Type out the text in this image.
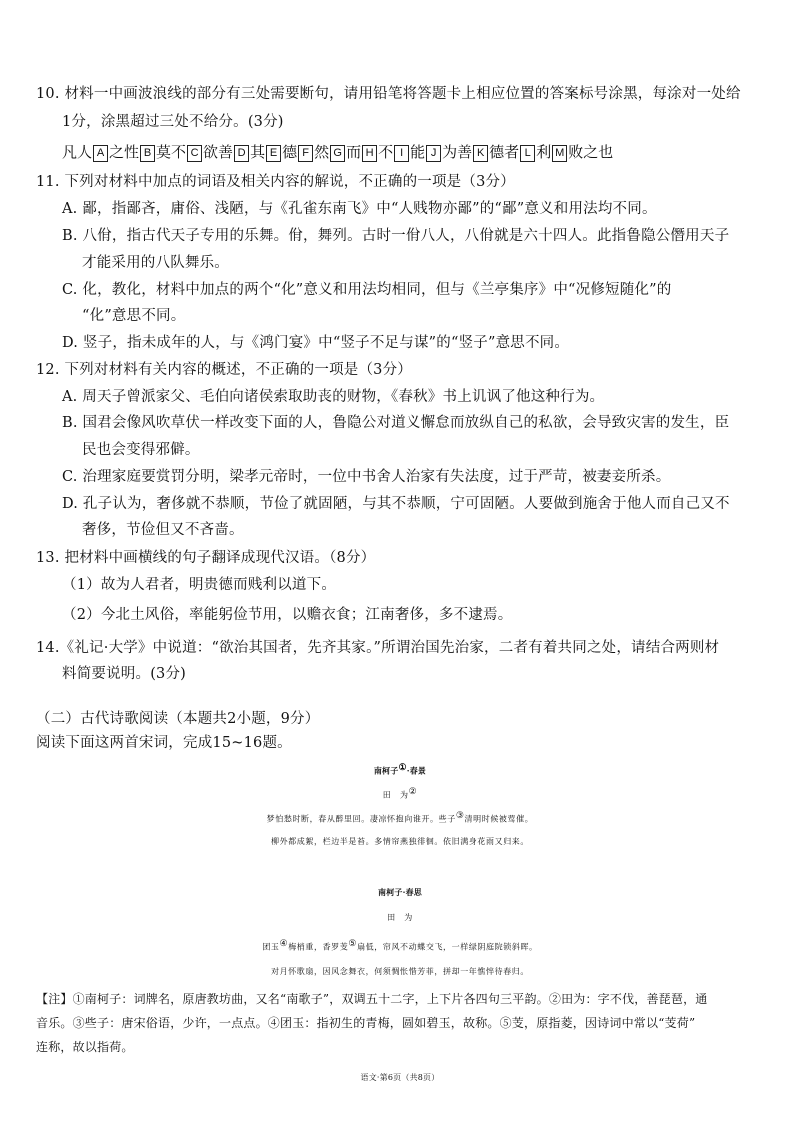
10. 材料一中画波浪线的部分有三处需要断句，请用铅笔将答题卡上相应位置的答案标号涂黑，每涂对一处给
1分，涂黑超过三处不给分。(3分)
凡人 A 之性 B 莫不 C 欲善 D 其 E 德 F 然 G 而 H 不 I 能 J 为善 K 德者 L 利 M 败之也
11. 下列对材料中加点的词语及相关内容的解说，不正确的一项是（3分）
A. 鄙，指鄙吝，庸俗、浅陋，与《孔雀东南飞》中“人贱物亦鄙”的“鄙”意义和用法均不同。
B. 八佾，指古代天子专用的乐舞。佾，舞列。古时一佾八人，八佾就是六十四人。此指鲁隐公僭用天子
才能采用的八队舞乐。
C. 化，教化，材料中加点的两个“化”意义和用法均相同，但与《兰亭集序》中“况修短随化”的
“化”意思不同。
D. 竖子，指未成年的人，与《鸿门宴》中“竖子不足与谋”的“竖子”意思不同。
12. 下列对材料有关内容的概述，不正确的一项是（3分）
A. 周天子曾派家父、毛伯向诸侯索取助丧的财物，《春秋》书上讥讽了他这种行为。
B. 国君会像风吹草伏一样改变下面的人，鲁隐公对道义懈怠而放纵自己的私欲，会导致灾害的发生，臣
民也会变得邪僻。
C. 治理家庭要赏罚分明，梁孝元帝时，一位中书舍人治家有失法度，过于严苛，被妻妾所杀。
D. 孔子认为，奢侈就不恭顺，节俭了就固陋，与其不恭顺，宁可固陋。人要做到施舍于他人而自己又不
奢侈，节俭但又不吝啬。
13. 把材料中画横线的句子翻译成现代汉语。（8分）
（1）故为人君者，明贵德而贱利以道下。
（2）今北土风俗，率能躬俭节用，以赡衣食；江南奢侈，多不逮焉。
14.《礼记·大学》中说道：“欲治其国者，先齐其家。”所谓治国先治家，二者有着共同之处，请结合两则材
料简要说明。(3分)
（二）古代诗歌阅读（本题共2小题，9分）
阅读下面这两首宋词，完成15~16题。
南柯子①·春景
田　为②
梦怕愁时断，春从醉里回。凄凉怀抱向谁开。些子③清明时候被莺催。
柳外都成絮，栏边半是苔。多情帘燕独徘徊。依旧满身花雨又归来。
南柯子·春思
田　为
团玉④梅梢重，香罗芰⑤扇低，帘风不动蝶交飞，一样绿阴庭院锁斜晖。
对月怀歌扇，因风念舞衣，何须惆怅惜芳菲，拼却一年憔悴待春归。
【注】①南柯子：词牌名，原唐教坊曲，又名“南歌子”，双调五十二字，上下片各四句三平韵。②田为：字不伐，善琵琶，通
音乐。③些子：唐宋俗语，少许，一点点。④团玉：指初生的青梅，圆如碧玉，故称。⑤芰，原指菱，因诗词中常以“芰荷”
连称，故以指荷。
语文·第6页（共8页）
